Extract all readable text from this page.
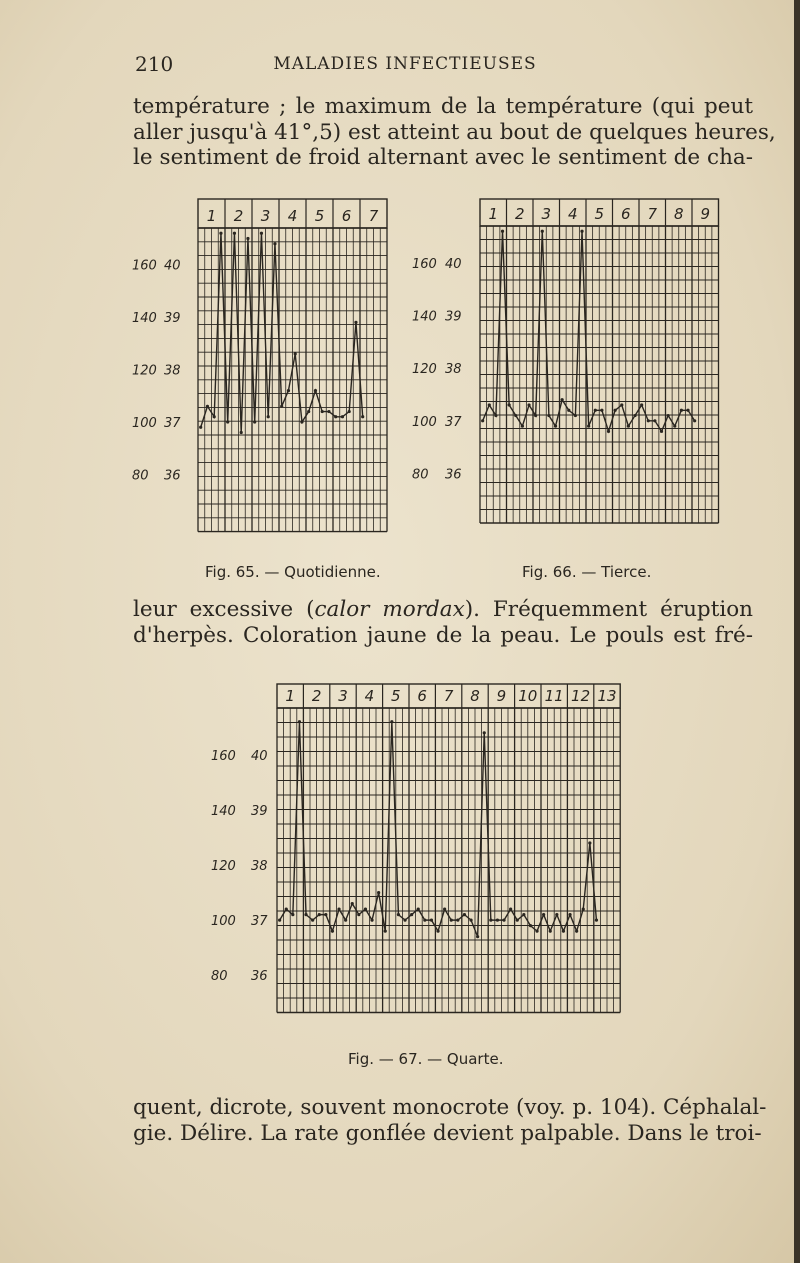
210	MALADIES INFECTIEUSES
température ; le maximum de la température (qui peut
aller jusqu'à 41°,5) est atteint au bout de quelques heures,
le sentiment de froid alternant avec le sentiment de cha-
1 2 3 4 5 6 7
160 40
140 39
120 38
100 37
80 36
Fig. 65. — Quotidienne.
1 2 3 4 5 6 7 8 9
160 40
140 39
120 38
100 37
80 36
Fig. 66. — Tierce.
leur excessive (calor mordax). Fréquemment éruption
d'herpès. Coloration jaune de la peau. Le pouls est fré-
1 2 3 4 5 6 7 8 9 10 11 12 13
160 40
140 39
120 38
100 37
80 36
Fig. — 67. — Quarte.
quent, dicrote, souvent monocrote (voy. p. 104). Céphalal-
gie. Délire. La rate gonflée devient palpable. Dans le troi-
